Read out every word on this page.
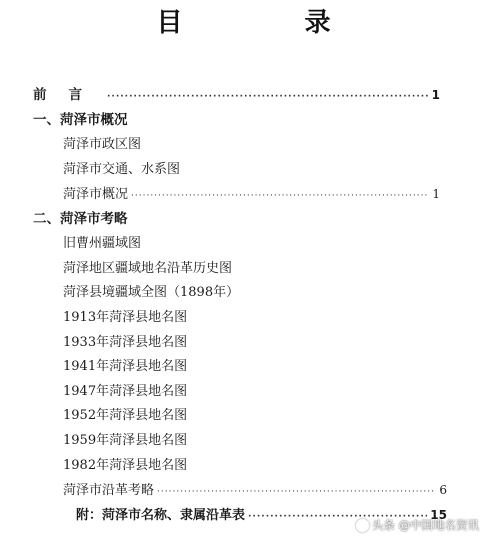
目　录
前言 ·····	1
一、菏泽市概况
菏泽市政区图
菏泽市交通、水系图
菏泽市概况 ·····	1
二、菏泽市考略
旧曹州疆域图
菏泽地区疆域地名沿革历史图
菏泽县境疆域全图（1898年）
1913年菏泽县地名图
1933年菏泽县地名图
1941年菏泽县地名图
1947年菏泽县地名图
1952年菏泽县地名图
1959年菏泽县地名图
1982年菏泽县地名图
菏泽市沿革考略 ·····	6
附：菏泽市名称、隶属沿革表 ·····	15
头条 @中国地名资讯
